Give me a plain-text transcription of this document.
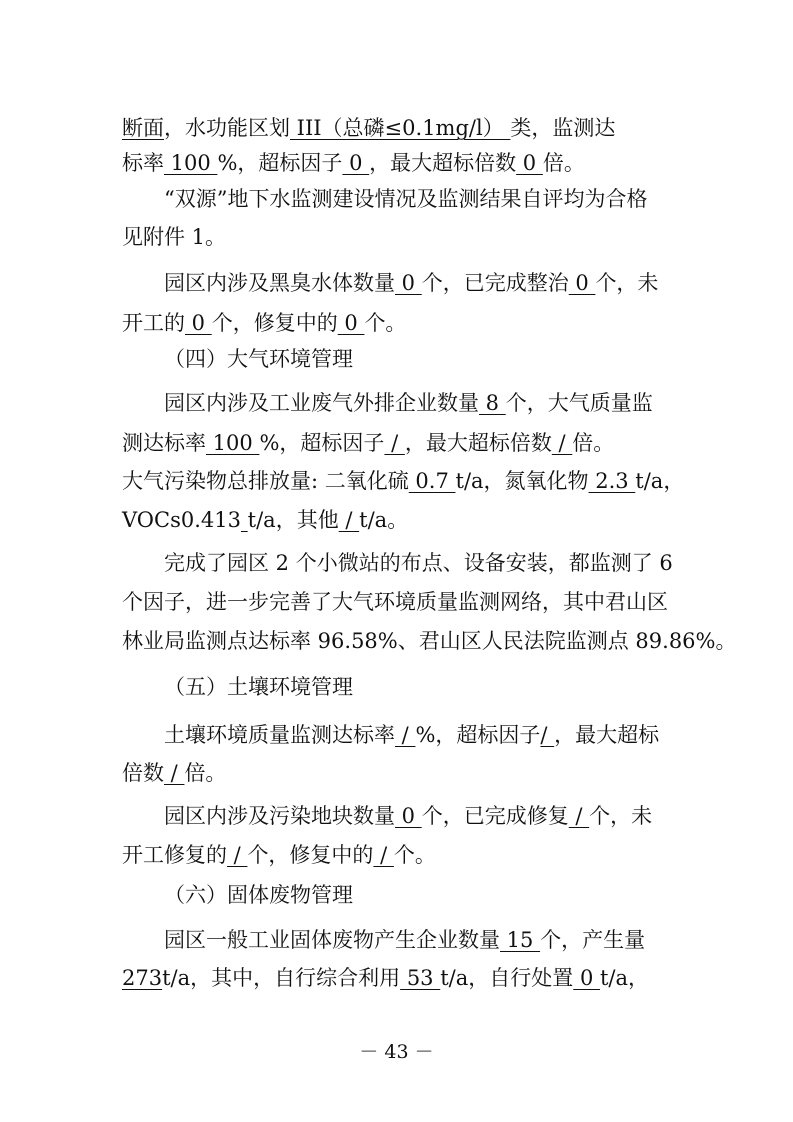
断面，水功能区划 III（总磷≤0.1mg/l） 类，监测达
标率 100 %，超标因子 0 ，最大超标倍数 0 倍。
“双源”地下水监测建设情况及监测结果自评均为合格
见附件 1。
园区内涉及黑臭水体数量 0 个，已完成整治 0 个，未
开工的 0 个，修复中的 0 个。
（四）大气环境管理
园区内涉及工业废气外排企业数量 8 个，大气质量监
测达标率 100 %，超标因子 / ，最大超标倍数 / 倍。
大气污染物总排放量: 二氧化硫 0.7 t/a，氮氧化物 2.3 t/a，
VOCs0.413 t/a，其他 / t/a。
完成了园区 2 个小微站的布点、设备安装，都监测了 6
个因子，进一步完善了大气环境质量监测网络，其中君山区
林业局监测点达标率 96.58%、君山区人民法院监测点 89.86%。
（五）土壤环境管理
土壤环境质量监测达标率 / %，超标因子/ ，最大超标
倍数 / 倍。
园区内涉及污染地块数量 0 个，已完成修复 / 个，未
开工修复的 / 个，修复中的 / 个。
（六）固体废物管理
园区一般工业固体废物产生企业数量 15 个，产生量
273t/a，其中，自行综合利用 53 t/a，自行处置 0 t/a，
－ 43 －
